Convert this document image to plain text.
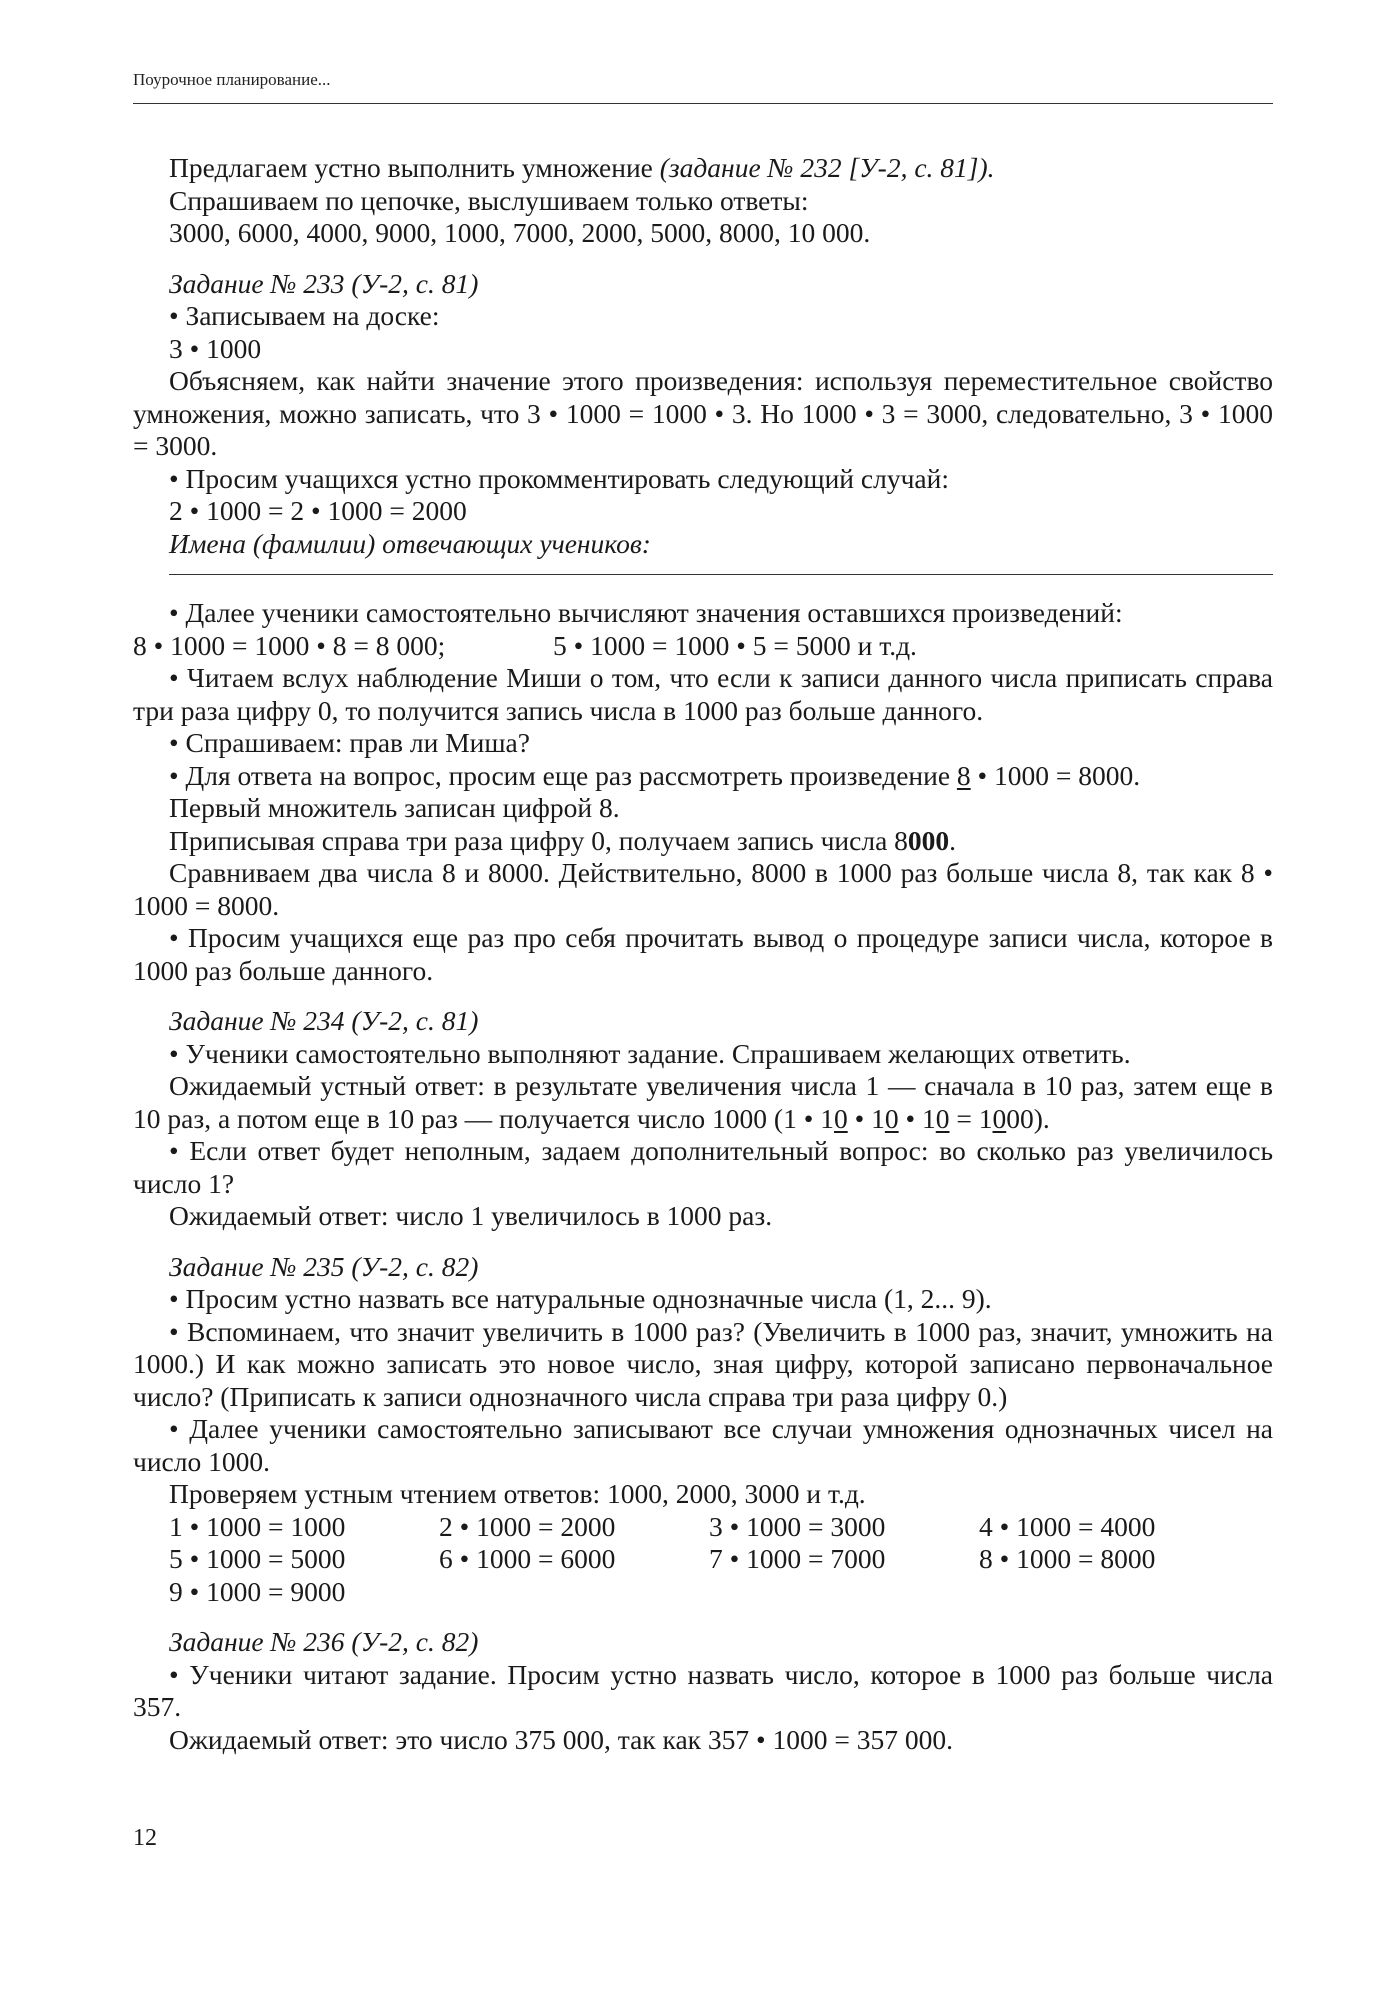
Поурочное планирование...

Предлагаем устно выполнить умножение (задание № 232 [У-2, с. 81]).

Спрашиваем по цепочке, выслушиваем только ответы:

3000, 6000, 4000, 9000, 1000, 7000, 2000, 5000, 8000, 10 000.

Задание № 233 (У-2, с. 81)

• Записываем на доске:

3 • 1000

Объясняем, как найти значение этого произведения: используя переместительное свойство умножения, можно записать, что 3 • 1000 = 1000 • 3. Но 1000 • 3 = 3000, следовательно, 3 • 1000 = 3000.

• Просим учащихся устно прокомментировать следующий случай:

2 • 1000 = 2 • 1000 = 2000

Имена (фамилии) отвечающих учеников:

• Далее ученики самостоятельно вычисляют значения оставшихся произведений:

8 • 1000 = 1000 • 8 = 8 000;	5 • 1000 = 1000 • 5 = 5000 и т.д.

• Читаем вслух наблюдение Миши о том, что если к записи данного числа приписать справа три раза цифру 0, то получится запись числа в 1000 раз больше данного.

• Спрашиваем: прав ли Миша?

• Для ответа на вопрос, просим еще раз рассмотреть произведение 8 • 1000 = 8000.

Первый множитель записан цифрой 8.

Приписывая справа три раза цифру 0, получаем запись числа 8000.

Сравниваем два числа 8 и 8000. Действительно, 8000 в 1000 раз больше числа 8, так как 8 • 1000 = 8000.

• Просим учащихся еще раз про себя прочитать вывод о процедуре записи числа, которое в 1000 раз больше данного.

Задание № 234 (У-2, с. 81)

• Ученики самостоятельно выполняют задание. Спрашиваем желающих ответить.

Ожидаемый устный ответ: в результате увеличения числа 1 — сначала в 10 раз, затем еще в 10 раз, а потом еще в 10 раз — получается число 1000 (1 • 10 • 10 • 10 = 1000).

• Если ответ будет неполным, задаем дополнительный вопрос: во сколько раз увеличилось число 1?

Ожидаемый ответ: число 1 увеличилось в 1000 раз.

Задание № 235 (У-2, с. 82)

• Просим устно назвать все натуральные однозначные числа (1, 2... 9).

• Вспоминаем, что значит увеличить в 1000 раз? (Увеличить в 1000 раз, значит, умножить на 1000.) И как можно записать это новое число, зная цифру, которой записано первоначальное число? (Приписать к записи однозначного числа справа три раза цифру 0.)

• Далее ученики самостоятельно записывают все случаи умножения однозначных чисел на число 1000.

Проверяем устным чтением ответов: 1000, 2000, 3000 и т.д.

1 • 1000 = 1000	2 • 1000 = 2000	3 • 1000 = 3000	4 • 1000 = 4000
5 • 1000 = 5000	6 • 1000 = 6000	7 • 1000 = 7000	8 • 1000 = 8000
9 • 1000 = 9000

Задание № 236 (У-2, с. 82)

• Ученики читают задание. Просим устно назвать число, которое в 1000 раз больше числа 357.

Ожидаемый ответ: это число 375 000, так как 357 • 1000 = 357 000.

12
